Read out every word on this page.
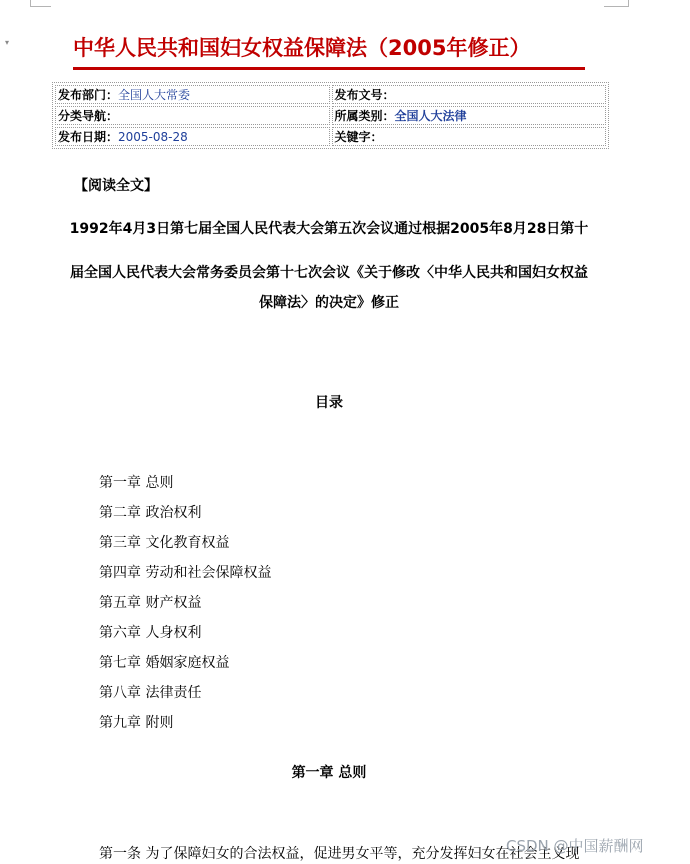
▾	中华人民共和国妇女权益保障法（2005年修正）
发布部门：全国人大常委	发布文号：
分类导航：	所属类别：全国人大法律
发布日期：2005-08-28	关键字：
【阅读全文】
1992年4月3日第七届全国人民代表大会第五次会议通过根据2005年8月28日第十
届全国人民代表大会常务委员会第十七次会议《关于修改〈中华人民共和国妇女权益
保障法〉的决定》修正
目录
第一章 总则
第二章 政治权利
第三章 文化教育权益
第四章 劳动和社会保障权益
第五章 财产权益
第六章 人身权利
第七章 婚姻家庭权益
第八章 法律责任
第九章 附则
第一章 总则
第一条 为了保障妇女的合法权益，促进男女平等，充分发挥妇女在社会主义现
CSDN @中国薪酬网
